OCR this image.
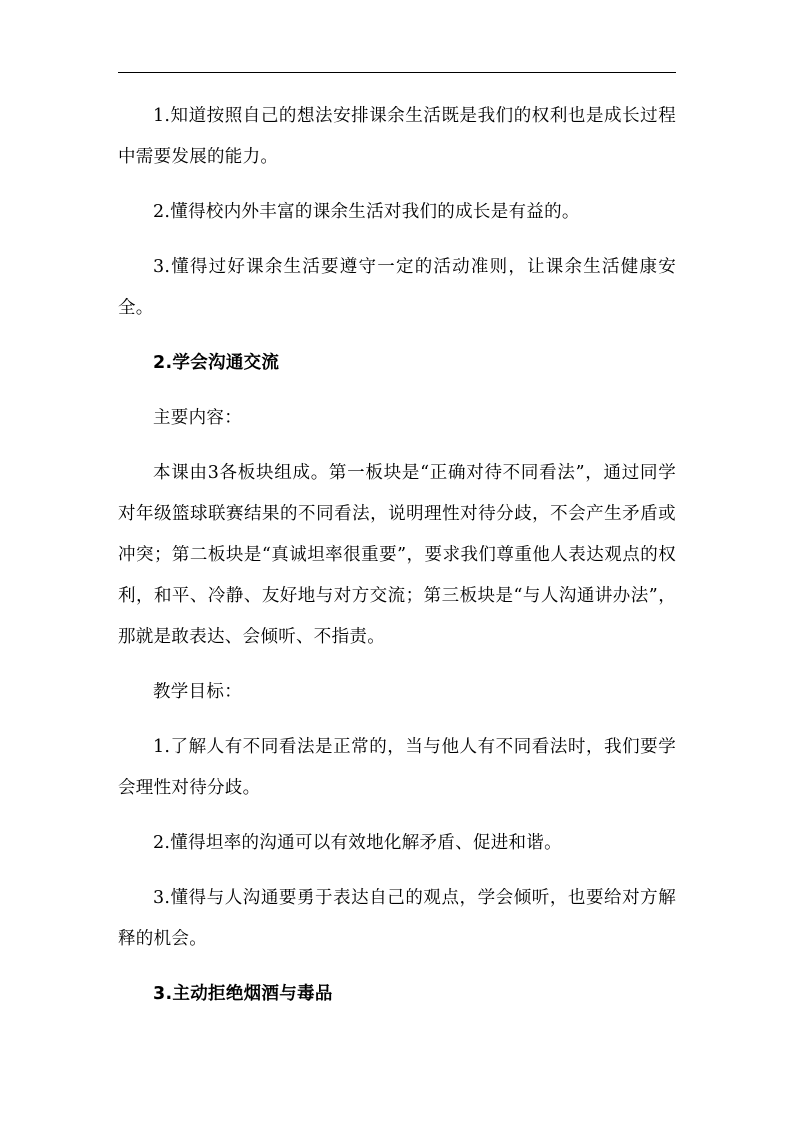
1.知道按照自己的想法安排课余生活既是我们的权利也是成长过程中需要发展的能力。

2.懂得校内外丰富的课余生活对我们的成长是有益的。

3.懂得过好课余生活要遵守一定的活动准则，让课余生活健康安全。

2.学会沟通交流

主要内容：

本课由3各板块组成。第一板块是“正确对待不同看法”，通过同学对年级篮球联赛结果的不同看法，说明理性对待分歧，不会产生矛盾或冲突；第二板块是“真诚坦率很重要”，要求我们尊重他人表达观点的权利，和平、冷静、友好地与对方交流；第三板块是“与人沟通讲办法”，那就是敢表达、会倾听、不指责。

教学目标：

1.了解人有不同看法是正常的，当与他人有不同看法时，我们要学会理性对待分歧。

2.懂得坦率的沟通可以有效地化解矛盾、促进和谐。

3.懂得与人沟通要勇于表达自己的观点，学会倾听，也要给对方解释的机会。

3.主动拒绝烟酒与毒品
